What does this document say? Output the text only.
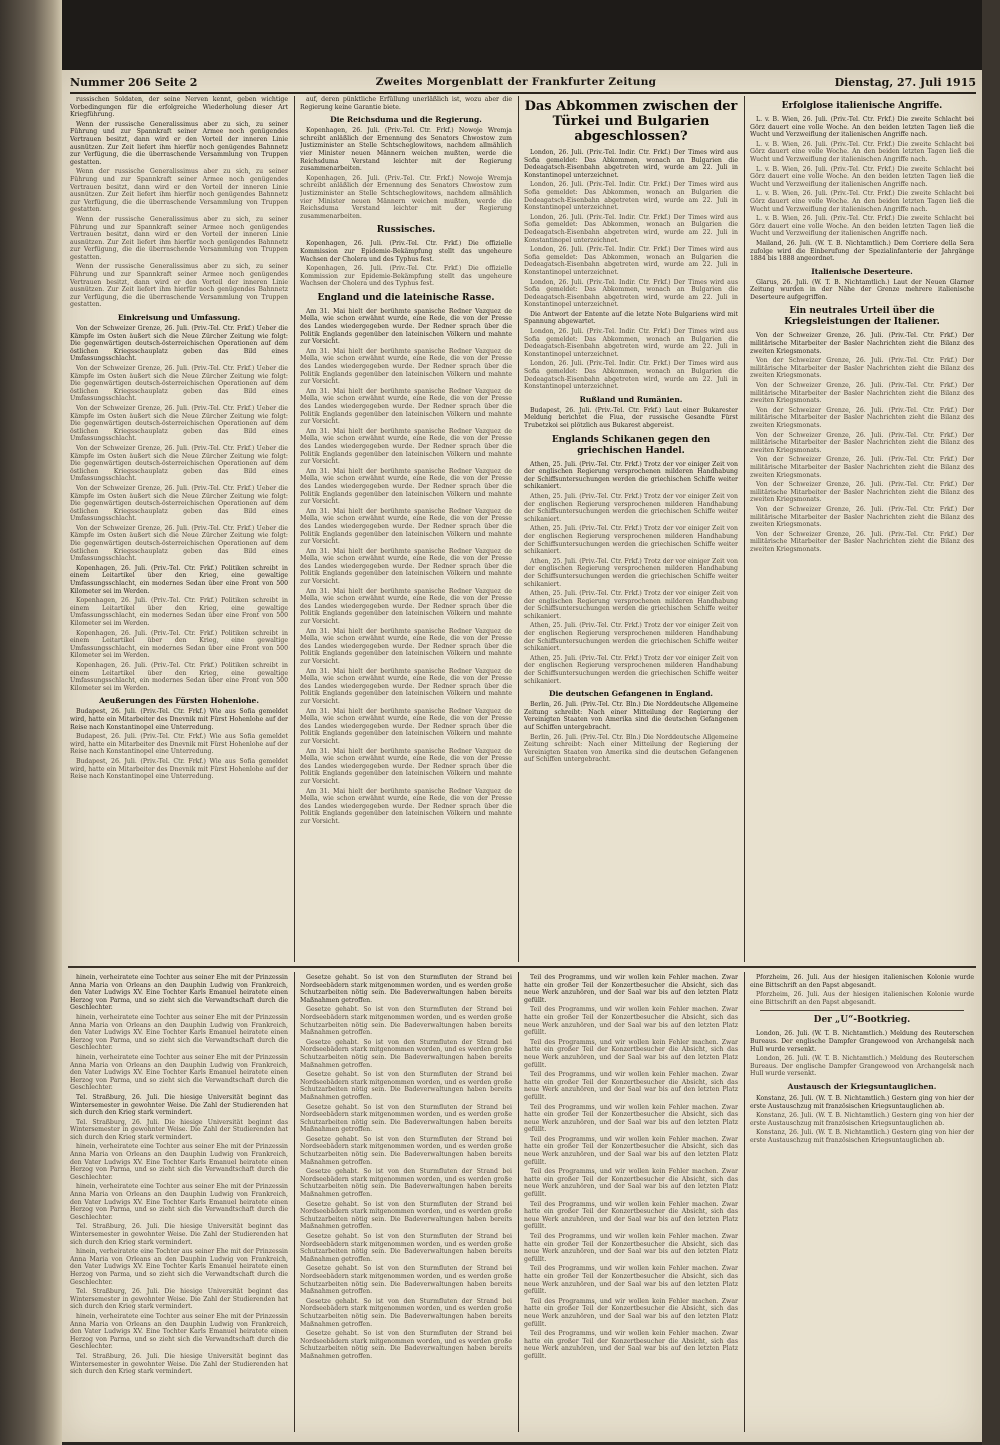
Nummer 206 Seite 2	Zweites Morgenblatt der Frankfurter Zeitung	Dienstag, 27. Juli 1915

russischen Soldaten, der seine Nerven kennt, geben wichtige Vorbedingungen für die erfolgreiche Wiederholung dieser Art Kriegführung.

Wenn der russische Generalissimus aber zu sich, zu seiner Führung und zur Spannkraft seiner Armee noch genügendes Vertrauen besitzt, dann wird er den Vorteil der inneren Linie ausnützen. Zur Zeit liefert ihm hierfür noch genügendes Bahnnetz zur Verfügung, die die überraschende Versammlung von Truppen gestatten.

Wenn der russische Generalissimus aber zu sich, zu seiner Führung und zur Spannkraft seiner Armee noch genügendes Vertrauen besitzt, dann wird er den Vorteil der inneren Linie ausnützen. Zur Zeit liefert ihm hierfür noch genügendes Bahnnetz zur Verfügung, die die überraschende Versammlung von Truppen gestatten.

Wenn der russische Generalissimus aber zu sich, zu seiner Führung und zur Spannkraft seiner Armee noch genügendes Vertrauen besitzt, dann wird er den Vorteil der inneren Linie ausnützen. Zur Zeit liefert ihm hierfür noch genügendes Bahnnetz zur Verfügung, die die überraschende Versammlung von Truppen gestatten.

Wenn der russische Generalissimus aber zu sich, zu seiner Führung und zur Spannkraft seiner Armee noch genügendes Vertrauen besitzt, dann wird er den Vorteil der inneren Linie ausnützen. Zur Zeit liefert ihm hierfür noch genügendes Bahnnetz zur Verfügung, die die überraschende Versammlung von Truppen gestatten.

Einkreisung und Umfassung.

Von der Schweizer Grenze, 26. Juli. (Priv.-Tel. Ctr. Frkf.) Ueber die Kämpfe im Osten äußert sich die Neue Zürcher Zeitung wie folgt: Die gegenwärtigen deutsch-österreichischen Operationen auf dem östlichen Kriegsschauplatz geben das Bild eines Umfassungsschlacht.

Von der Schweizer Grenze, 26. Juli. (Priv.-Tel. Ctr. Frkf.) Ueber die Kämpfe im Osten äußert sich die Neue Zürcher Zeitung wie folgt: Die gegenwärtigen deutsch-österreichischen Operationen auf dem östlichen Kriegsschauplatz geben das Bild eines Umfassungsschlacht.

Von der Schweizer Grenze, 26. Juli. (Priv.-Tel. Ctr. Frkf.) Ueber die Kämpfe im Osten äußert sich die Neue Zürcher Zeitung wie folgt: Die gegenwärtigen deutsch-österreichischen Operationen auf dem östlichen Kriegsschauplatz geben das Bild eines Umfassungsschlacht.

Von der Schweizer Grenze, 26. Juli. (Priv.-Tel. Ctr. Frkf.) Ueber die Kämpfe im Osten äußert sich die Neue Zürcher Zeitung wie folgt: Die gegenwärtigen deutsch-österreichischen Operationen auf dem östlichen Kriegsschauplatz geben das Bild eines Umfassungsschlacht.

Von der Schweizer Grenze, 26. Juli. (Priv.-Tel. Ctr. Frkf.) Ueber die Kämpfe im Osten äußert sich die Neue Zürcher Zeitung wie folgt: Die gegenwärtigen deutsch-österreichischen Operationen auf dem östlichen Kriegsschauplatz geben das Bild eines Umfassungsschlacht.

Von der Schweizer Grenze, 26. Juli. (Priv.-Tel. Ctr. Frkf.) Ueber die Kämpfe im Osten äußert sich die Neue Zürcher Zeitung wie folgt: Die gegenwärtigen deutsch-österreichischen Operationen auf dem östlichen Kriegsschauplatz geben das Bild eines Umfassungsschlacht.

Kopenhagen, 26. Juli. (Priv.-Tel. Ctr. Frkf.) Politiken schreibt in einem Leitartikel über den Krieg, eine gewaltige Umfassungsschlacht, ein modernes Sedan über eine Front von 500 Kilometer sei im Werden.

Kopenhagen, 26. Juli. (Priv.-Tel. Ctr. Frkf.) Politiken schreibt in einem Leitartikel über den Krieg, eine gewaltige Umfassungsschlacht, ein modernes Sedan über eine Front von 500 Kilometer sei im Werden.

Kopenhagen, 26. Juli. (Priv.-Tel. Ctr. Frkf.) Politiken schreibt in einem Leitartikel über den Krieg, eine gewaltige Umfassungsschlacht, ein modernes Sedan über eine Front von 500 Kilometer sei im Werden.

Kopenhagen, 26. Juli. (Priv.-Tel. Ctr. Frkf.) Politiken schreibt in einem Leitartikel über den Krieg, eine gewaltige Umfassungsschlacht, ein modernes Sedan über eine Front von 500 Kilometer sei im Werden.

Aeußerungen des Fürsten Hohenlohe.

Budapest, 26. Juli. (Priv.-Tel. Ctr. Frkf.) Wie aus Sofia gemeldet wird, hatte ein Mitarbeiter des Dnevnik mit Fürst Hohenlohe auf der Reise nach Konstantinopel eine Unterredung.

Budapest, 26. Juli. (Priv.-Tel. Ctr. Frkf.) Wie aus Sofia gemeldet wird, hatte ein Mitarbeiter des Dnevnik mit Fürst Hohenlohe auf der Reise nach Konstantinopel eine Unterredung.

Budapest, 26. Juli. (Priv.-Tel. Ctr. Frkf.) Wie aus Sofia gemeldet wird, hatte ein Mitarbeiter des Dnevnik mit Fürst Hohenlohe auf der Reise nach Konstantinopel eine Unterredung.

auf, deren pünktliche Erfüllung unerläßlich ist, wozu aber die Regierung keine Garantie biete.

Die Reichsduma und die Regierung.

Kopenhagen, 26. Juli. (Priv.-Tel. Ctr. Frkf.) Nowoje Wremja schreibt anläßlich der Ernennung des Senators Chwostow zum Justizminister an Stelle Schtscheglowitows, nachdem allmählich vier Minister neuen Männern weichen mußten, werde die Reichsduma Verstand leichter mit der Regierung zusammenarbeiten.

Kopenhagen, 26. Juli. (Priv.-Tel. Ctr. Frkf.) Nowoje Wremja schreibt anläßlich der Ernennung des Senators Chwostow zum Justizminister an Stelle Schtscheglowitows, nachdem allmählich vier Minister neuen Männern weichen mußten, werde die Reichsduma Verstand leichter mit der Regierung zusammenarbeiten.

Russisches.

Kopenhagen, 26. Juli. (Priv.-Tel. Ctr. Frkf.) Die offizielle Kommission zur Epidemie-Bekämpfung stellt das ungeheure Wachsen der Cholera und des Typhus fest.

Kopenhagen, 26. Juli. (Priv.-Tel. Ctr. Frkf.) Die offizielle Kommission zur Epidemie-Bekämpfung stellt das ungeheure Wachsen der Cholera und des Typhus fest.

England und die lateinische Rasse.

Am 31. Mai hielt der berühmte spanische Redner Vazquez de Mella, wie schon erwähnt wurde, eine Rede, die von der Presse des Landes wiedergegeben wurde. Der Redner sprach über die Politik Englands gegenüber den lateinischen Völkern und mahnte zur Vorsicht.

Am 31. Mai hielt der berühmte spanische Redner Vazquez de Mella, wie schon erwähnt wurde, eine Rede, die von der Presse des Landes wiedergegeben wurde. Der Redner sprach über die Politik Englands gegenüber den lateinischen Völkern und mahnte zur Vorsicht.

Am 31. Mai hielt der berühmte spanische Redner Vazquez de Mella, wie schon erwähnt wurde, eine Rede, die von der Presse des Landes wiedergegeben wurde. Der Redner sprach über die Politik Englands gegenüber den lateinischen Völkern und mahnte zur Vorsicht.

Am 31. Mai hielt der berühmte spanische Redner Vazquez de Mella, wie schon erwähnt wurde, eine Rede, die von der Presse des Landes wiedergegeben wurde. Der Redner sprach über die Politik Englands gegenüber den lateinischen Völkern und mahnte zur Vorsicht.

Am 31. Mai hielt der berühmte spanische Redner Vazquez de Mella, wie schon erwähnt wurde, eine Rede, die von der Presse des Landes wiedergegeben wurde. Der Redner sprach über die Politik Englands gegenüber den lateinischen Völkern und mahnte zur Vorsicht.

Am 31. Mai hielt der berühmte spanische Redner Vazquez de Mella, wie schon erwähnt wurde, eine Rede, die von der Presse des Landes wiedergegeben wurde. Der Redner sprach über die Politik Englands gegenüber den lateinischen Völkern und mahnte zur Vorsicht.

Am 31. Mai hielt der berühmte spanische Redner Vazquez de Mella, wie schon erwähnt wurde, eine Rede, die von der Presse des Landes wiedergegeben wurde. Der Redner sprach über die Politik Englands gegenüber den lateinischen Völkern und mahnte zur Vorsicht.

Am 31. Mai hielt der berühmte spanische Redner Vazquez de Mella, wie schon erwähnt wurde, eine Rede, die von der Presse des Landes wiedergegeben wurde. Der Redner sprach über die Politik Englands gegenüber den lateinischen Völkern und mahnte zur Vorsicht.

Am 31. Mai hielt der berühmte spanische Redner Vazquez de Mella, wie schon erwähnt wurde, eine Rede, die von der Presse des Landes wiedergegeben wurde. Der Redner sprach über die Politik Englands gegenüber den lateinischen Völkern und mahnte zur Vorsicht.

Am 31. Mai hielt der berühmte spanische Redner Vazquez de Mella, wie schon erwähnt wurde, eine Rede, die von der Presse des Landes wiedergegeben wurde. Der Redner sprach über die Politik Englands gegenüber den lateinischen Völkern und mahnte zur Vorsicht.

Am 31. Mai hielt der berühmte spanische Redner Vazquez de Mella, wie schon erwähnt wurde, eine Rede, die von der Presse des Landes wiedergegeben wurde. Der Redner sprach über die Politik Englands gegenüber den lateinischen Völkern und mahnte zur Vorsicht.

Am 31. Mai hielt der berühmte spanische Redner Vazquez de Mella, wie schon erwähnt wurde, eine Rede, die von der Presse des Landes wiedergegeben wurde. Der Redner sprach über die Politik Englands gegenüber den lateinischen Völkern und mahnte zur Vorsicht.

Am 31. Mai hielt der berühmte spanische Redner Vazquez de Mella, wie schon erwähnt wurde, eine Rede, die von der Presse des Landes wiedergegeben wurde. Der Redner sprach über die Politik Englands gegenüber den lateinischen Völkern und mahnte zur Vorsicht.

Das Abkommen zwischen der Türkei und Bulgarien abgeschlossen?

London, 26. Juli. (Priv.-Tel. Indir. Ctr. Frkf.) Der Times wird aus Sofia gemeldet: Das Abkommen, wonach an Bulgarien die Dedeagatsch-Eisenbahn abgetreten wird, wurde am 22. Juli in Konstantinopel unterzeichnet.

London, 26. Juli. (Priv.-Tel. Indir. Ctr. Frkf.) Der Times wird aus Sofia gemeldet: Das Abkommen, wonach an Bulgarien die Dedeagatsch-Eisenbahn abgetreten wird, wurde am 22. Juli in Konstantinopel unterzeichnet.

London, 26. Juli. (Priv.-Tel. Indir. Ctr. Frkf.) Der Times wird aus Sofia gemeldet: Das Abkommen, wonach an Bulgarien die Dedeagatsch-Eisenbahn abgetreten wird, wurde am 22. Juli in Konstantinopel unterzeichnet.

London, 26. Juli. (Priv.-Tel. Indir. Ctr. Frkf.) Der Times wird aus Sofia gemeldet: Das Abkommen, wonach an Bulgarien die Dedeagatsch-Eisenbahn abgetreten wird, wurde am 22. Juli in Konstantinopel unterzeichnet.

London, 26. Juli. (Priv.-Tel. Indir. Ctr. Frkf.) Der Times wird aus Sofia gemeldet: Das Abkommen, wonach an Bulgarien die Dedeagatsch-Eisenbahn abgetreten wird, wurde am 22. Juli in Konstantinopel unterzeichnet.

Die Antwort der Entente auf die letzte Note Bulgariens wird mit Spannung abgewartet.

London, 26. Juli. (Priv.-Tel. Indir. Ctr. Frkf.) Der Times wird aus Sofia gemeldet: Das Abkommen, wonach an Bulgarien die Dedeagatsch-Eisenbahn abgetreten wird, wurde am 22. Juli in Konstantinopel unterzeichnet.

London, 26. Juli. (Priv.-Tel. Indir. Ctr. Frkf.) Der Times wird aus Sofia gemeldet: Das Abkommen, wonach an Bulgarien die Dedeagatsch-Eisenbahn abgetreten wird, wurde am 22. Juli in Konstantinopel unterzeichnet.

Rußland und Rumänien.

Budapest, 26. Juli. (Priv.-Tel. Ctr. Frkf.) Laut einer Bukarester Meldung berichtet die Fiua, der russische Gesandte Fürst Trubetzkoi sei plötzlich aus Bukarest abgereist.

Englands Schikanen gegen den griechischen Handel.

Athen, 25. Juli. (Priv.-Tel. Ctr. Frkf.) Trotz der vor einiger Zeit von der englischen Regierung versprochenen milderen Handhabung der Schiffsuntersuchungen werden die griechischen Schiffe weiter schikaniert.

Athen, 25. Juli. (Priv.-Tel. Ctr. Frkf.) Trotz der vor einiger Zeit von der englischen Regierung versprochenen milderen Handhabung der Schiffsuntersuchungen werden die griechischen Schiffe weiter schikaniert.

Athen, 25. Juli. (Priv.-Tel. Ctr. Frkf.) Trotz der vor einiger Zeit von der englischen Regierung versprochenen milderen Handhabung der Schiffsuntersuchungen werden die griechischen Schiffe weiter schikaniert.

Athen, 25. Juli. (Priv.-Tel. Ctr. Frkf.) Trotz der vor einiger Zeit von der englischen Regierung versprochenen milderen Handhabung der Schiffsuntersuchungen werden die griechischen Schiffe weiter schikaniert.

Athen, 25. Juli. (Priv.-Tel. Ctr. Frkf.) Trotz der vor einiger Zeit von der englischen Regierung versprochenen milderen Handhabung der Schiffsuntersuchungen werden die griechischen Schiffe weiter schikaniert.

Athen, 25. Juli. (Priv.-Tel. Ctr. Frkf.) Trotz der vor einiger Zeit von der englischen Regierung versprochenen milderen Handhabung der Schiffsuntersuchungen werden die griechischen Schiffe weiter schikaniert.

Athen, 25. Juli. (Priv.-Tel. Ctr. Frkf.) Trotz der vor einiger Zeit von der englischen Regierung versprochenen milderen Handhabung der Schiffsuntersuchungen werden die griechischen Schiffe weiter schikaniert.

Die deutschen Gefangenen in England.

Berlin, 26. Juli. (Priv.-Tel. Ctr. Bln.) Die Norddeutsche Allgemeine Zeitung schreibt: Nach einer Mitteilung der Regierung der Vereinigten Staaten von Amerika sind die deutschen Gefangenen auf Schiffen untergebracht.

Berlin, 26. Juli. (Priv.-Tel. Ctr. Bln.) Die Norddeutsche Allgemeine Zeitung schreibt: Nach einer Mitteilung der Regierung der Vereinigten Staaten von Amerika sind die deutschen Gefangenen auf Schiffen untergebracht.

Erfolglose italienische Angriffe.

L. v. B. Wien, 26. Juli. (Priv.-Tel. Ctr. Frkf.) Die zweite Schlacht bei Görz dauert eine volle Woche. An den beiden letzten Tagen ließ die Wucht und Verzweiflung der italienischen Angriffe nach.

L. v. B. Wien, 26. Juli. (Priv.-Tel. Ctr. Frkf.) Die zweite Schlacht bei Görz dauert eine volle Woche. An den beiden letzten Tagen ließ die Wucht und Verzweiflung der italienischen Angriffe nach.

L. v. B. Wien, 26. Juli. (Priv.-Tel. Ctr. Frkf.) Die zweite Schlacht bei Görz dauert eine volle Woche. An den beiden letzten Tagen ließ die Wucht und Verzweiflung der italienischen Angriffe nach.

L. v. B. Wien, 26. Juli. (Priv.-Tel. Ctr. Frkf.) Die zweite Schlacht bei Görz dauert eine volle Woche. An den beiden letzten Tagen ließ die Wucht und Verzweiflung der italienischen Angriffe nach.

L. v. B. Wien, 26. Juli. (Priv.-Tel. Ctr. Frkf.) Die zweite Schlacht bei Görz dauert eine volle Woche. An den beiden letzten Tagen ließ die Wucht und Verzweiflung der italienischen Angriffe nach.

Mailand, 26. Juli. (W. T. B. Nichtamtlich.) Dem Corriere della Sera zufolge wird die Einberufung der Spezialinfanterie der Jahrgänge 1884 bis 1888 angeordnet.

Italienische Deserteure.

Glarus, 26. Juli. (W. T. B. Nichtamtlich.) Laut der Neuen Glarner Zeitung wurden in der Nähe der Grenze mehrere italienische Deserteure aufgegriffen.

Ein neutrales Urteil über die Kriegsleistungen der Italiener.

Von der Schweizer Grenze, 26. Juli. (Priv.-Tel. Ctr. Frkf.) Der militärische Mitarbeiter der Basler Nachrichten zieht die Bilanz des zweiten Kriegsmonats.

Von der Schweizer Grenze, 26. Juli. (Priv.-Tel. Ctr. Frkf.) Der militärische Mitarbeiter der Basler Nachrichten zieht die Bilanz des zweiten Kriegsmonats.

Von der Schweizer Grenze, 26. Juli. (Priv.-Tel. Ctr. Frkf.) Der militärische Mitarbeiter der Basler Nachrichten zieht die Bilanz des zweiten Kriegsmonats.

Von der Schweizer Grenze, 26. Juli. (Priv.-Tel. Ctr. Frkf.) Der militärische Mitarbeiter der Basler Nachrichten zieht die Bilanz des zweiten Kriegsmonats.

Von der Schweizer Grenze, 26. Juli. (Priv.-Tel. Ctr. Frkf.) Der militärische Mitarbeiter der Basler Nachrichten zieht die Bilanz des zweiten Kriegsmonats.

Von der Schweizer Grenze, 26. Juli. (Priv.-Tel. Ctr. Frkf.) Der militärische Mitarbeiter der Basler Nachrichten zieht die Bilanz des zweiten Kriegsmonats.

Von der Schweizer Grenze, 26. Juli. (Priv.-Tel. Ctr. Frkf.) Der militärische Mitarbeiter der Basler Nachrichten zieht die Bilanz des zweiten Kriegsmonats.

Von der Schweizer Grenze, 26. Juli. (Priv.-Tel. Ctr. Frkf.) Der militärische Mitarbeiter der Basler Nachrichten zieht die Bilanz des zweiten Kriegsmonats.

Von der Schweizer Grenze, 26. Juli. (Priv.-Tel. Ctr. Frkf.) Der militärische Mitarbeiter der Basler Nachrichten zieht die Bilanz des zweiten Kriegsmonats.

hinein, verheiratete eine Tochter aus seiner Ehe mit der Prinzessin Anna Maria von Orleans an den Dauphin Ludwig von Frankreich, den Vater Ludwigs XV. Eine Tochter Karls Emanuel heiratete einen Herzog von Parma, und so zieht sich die Verwandtschaft durch die Geschlechter.

hinein, verheiratete eine Tochter aus seiner Ehe mit der Prinzessin Anna Maria von Orleans an den Dauphin Ludwig von Frankreich, den Vater Ludwigs XV. Eine Tochter Karls Emanuel heiratete einen Herzog von Parma, und so zieht sich die Verwandtschaft durch die Geschlechter.

hinein, verheiratete eine Tochter aus seiner Ehe mit der Prinzessin Anna Maria von Orleans an den Dauphin Ludwig von Frankreich, den Vater Ludwigs XV. Eine Tochter Karls Emanuel heiratete einen Herzog von Parma, und so zieht sich die Verwandtschaft durch die Geschlechter.

Tel. Straßburg, 26. Juli. Die hiesige Universität beginnt das Wintersemester in gewohnter Weise. Die Zahl der Studierenden hat sich durch den Krieg stark vermindert.

Tel. Straßburg, 26. Juli. Die hiesige Universität beginnt das Wintersemester in gewohnter Weise. Die Zahl der Studierenden hat sich durch den Krieg stark vermindert.

hinein, verheiratete eine Tochter aus seiner Ehe mit der Prinzessin Anna Maria von Orleans an den Dauphin Ludwig von Frankreich, den Vater Ludwigs XV. Eine Tochter Karls Emanuel heiratete einen Herzog von Parma, und so zieht sich die Verwandtschaft durch die Geschlechter.

hinein, verheiratete eine Tochter aus seiner Ehe mit der Prinzessin Anna Maria von Orleans an den Dauphin Ludwig von Frankreich, den Vater Ludwigs XV. Eine Tochter Karls Emanuel heiratete einen Herzog von Parma, und so zieht sich die Verwandtschaft durch die Geschlechter.

Tel. Straßburg, 26. Juli. Die hiesige Universität beginnt das Wintersemester in gewohnter Weise. Die Zahl der Studierenden hat sich durch den Krieg stark vermindert.

hinein, verheiratete eine Tochter aus seiner Ehe mit der Prinzessin Anna Maria von Orleans an den Dauphin Ludwig von Frankreich, den Vater Ludwigs XV. Eine Tochter Karls Emanuel heiratete einen Herzog von Parma, und so zieht sich die Verwandtschaft durch die Geschlechter.

Tel. Straßburg, 26. Juli. Die hiesige Universität beginnt das Wintersemester in gewohnter Weise. Die Zahl der Studierenden hat sich durch den Krieg stark vermindert.

hinein, verheiratete eine Tochter aus seiner Ehe mit der Prinzessin Anna Maria von Orleans an den Dauphin Ludwig von Frankreich, den Vater Ludwigs XV. Eine Tochter Karls Emanuel heiratete einen Herzog von Parma, und so zieht sich die Verwandtschaft durch die Geschlechter.

Tel. Straßburg, 26. Juli. Die hiesige Universität beginnt das Wintersemester in gewohnter Weise. Die Zahl der Studierenden hat sich durch den Krieg stark vermindert.

Gesetze gehabt. So ist von den Sturmfluten der Strand bei Nordseebädern stark mitgenommen worden, und es werden große Schutzarbeiten nötig sein. Die Badeverwaltungen haben bereits Maßnahmen getroffen.

Gesetze gehabt. So ist von den Sturmfluten der Strand bei Nordseebädern stark mitgenommen worden, und es werden große Schutzarbeiten nötig sein. Die Badeverwaltungen haben bereits Maßnahmen getroffen.

Gesetze gehabt. So ist von den Sturmfluten der Strand bei Nordseebädern stark mitgenommen worden, und es werden große Schutzarbeiten nötig sein. Die Badeverwaltungen haben bereits Maßnahmen getroffen.

Gesetze gehabt. So ist von den Sturmfluten der Strand bei Nordseebädern stark mitgenommen worden, und es werden große Schutzarbeiten nötig sein. Die Badeverwaltungen haben bereits Maßnahmen getroffen.

Gesetze gehabt. So ist von den Sturmfluten der Strand bei Nordseebädern stark mitgenommen worden, und es werden große Schutzarbeiten nötig sein. Die Badeverwaltungen haben bereits Maßnahmen getroffen.

Gesetze gehabt. So ist von den Sturmfluten der Strand bei Nordseebädern stark mitgenommen worden, und es werden große Schutzarbeiten nötig sein. Die Badeverwaltungen haben bereits Maßnahmen getroffen.

Gesetze gehabt. So ist von den Sturmfluten der Strand bei Nordseebädern stark mitgenommen worden, und es werden große Schutzarbeiten nötig sein. Die Badeverwaltungen haben bereits Maßnahmen getroffen.

Gesetze gehabt. So ist von den Sturmfluten der Strand bei Nordseebädern stark mitgenommen worden, und es werden große Schutzarbeiten nötig sein. Die Badeverwaltungen haben bereits Maßnahmen getroffen.

Gesetze gehabt. So ist von den Sturmfluten der Strand bei Nordseebädern stark mitgenommen worden, und es werden große Schutzarbeiten nötig sein. Die Badeverwaltungen haben bereits Maßnahmen getroffen.

Gesetze gehabt. So ist von den Sturmfluten der Strand bei Nordseebädern stark mitgenommen worden, und es werden große Schutzarbeiten nötig sein. Die Badeverwaltungen haben bereits Maßnahmen getroffen.

Gesetze gehabt. So ist von den Sturmfluten der Strand bei Nordseebädern stark mitgenommen worden, und es werden große Schutzarbeiten nötig sein. Die Badeverwaltungen haben bereits Maßnahmen getroffen.

Gesetze gehabt. So ist von den Sturmfluten der Strand bei Nordseebädern stark mitgenommen worden, und es werden große Schutzarbeiten nötig sein. Die Badeverwaltungen haben bereits Maßnahmen getroffen.

Teil des Programms, und wir wollen kein Fehler machen. Zwar hatte ein großer Teil der Konzertbesucher die Absicht, sich das neue Werk anzuhören, und der Saal war bis auf den letzten Platz gefüllt.

Teil des Programms, und wir wollen kein Fehler machen. Zwar hatte ein großer Teil der Konzertbesucher die Absicht, sich das neue Werk anzuhören, und der Saal war bis auf den letzten Platz gefüllt.

Teil des Programms, und wir wollen kein Fehler machen. Zwar hatte ein großer Teil der Konzertbesucher die Absicht, sich das neue Werk anzuhören, und der Saal war bis auf den letzten Platz gefüllt.

Teil des Programms, und wir wollen kein Fehler machen. Zwar hatte ein großer Teil der Konzertbesucher die Absicht, sich das neue Werk anzuhören, und der Saal war bis auf den letzten Platz gefüllt.

Teil des Programms, und wir wollen kein Fehler machen. Zwar hatte ein großer Teil der Konzertbesucher die Absicht, sich das neue Werk anzuhören, und der Saal war bis auf den letzten Platz gefüllt.

Teil des Programms, und wir wollen kein Fehler machen. Zwar hatte ein großer Teil der Konzertbesucher die Absicht, sich das neue Werk anzuhören, und der Saal war bis auf den letzten Platz gefüllt.

Teil des Programms, und wir wollen kein Fehler machen. Zwar hatte ein großer Teil der Konzertbesucher die Absicht, sich das neue Werk anzuhören, und der Saal war bis auf den letzten Platz gefüllt.

Teil des Programms, und wir wollen kein Fehler machen. Zwar hatte ein großer Teil der Konzertbesucher die Absicht, sich das neue Werk anzuhören, und der Saal war bis auf den letzten Platz gefüllt.

Teil des Programms, und wir wollen kein Fehler machen. Zwar hatte ein großer Teil der Konzertbesucher die Absicht, sich das neue Werk anzuhören, und der Saal war bis auf den letzten Platz gefüllt.

Teil des Programms, und wir wollen kein Fehler machen. Zwar hatte ein großer Teil der Konzertbesucher die Absicht, sich das neue Werk anzuhören, und der Saal war bis auf den letzten Platz gefüllt.

Teil des Programms, und wir wollen kein Fehler machen. Zwar hatte ein großer Teil der Konzertbesucher die Absicht, sich das neue Werk anzuhören, und der Saal war bis auf den letzten Platz gefüllt.

Teil des Programms, und wir wollen kein Fehler machen. Zwar hatte ein großer Teil der Konzertbesucher die Absicht, sich das neue Werk anzuhören, und der Saal war bis auf den letzten Platz gefüllt.

Pforzheim, 26. Juli. Aus der hiesigen italienischen Kolonie wurde eine Bittschrift an den Papst abgesandt.

Pforzheim, 26. Juli. Aus der hiesigen italienischen Kolonie wurde eine Bittschrift an den Papst abgesandt.

Der „U“-Bootkrieg.

London, 26. Juli. (W. T. B. Nichtamtlich.) Meldung des Reuterschen Bureaus. Der englische Dampfer Grangewood von Archangelsk nach Hull wurde versenkt.

London, 26. Juli. (W. T. B. Nichtamtlich.) Meldung des Reuterschen Bureaus. Der englische Dampfer Grangewood von Archangelsk nach Hull wurde versenkt.

Austausch der Kriegsuntauglichen.

Konstanz, 26. Juli. (W. T. B. Nichtamtlich.) Gestern ging von hier der erste Austauschzug mit französischen Kriegsuntauglichen ab.

Konstanz, 26. Juli. (W. T. B. Nichtamtlich.) Gestern ging von hier der erste Austauschzug mit französischen Kriegsuntauglichen ab.

Konstanz, 26. Juli. (W. T. B. Nichtamtlich.) Gestern ging von hier der erste Austauschzug mit französischen Kriegsuntauglichen ab.
